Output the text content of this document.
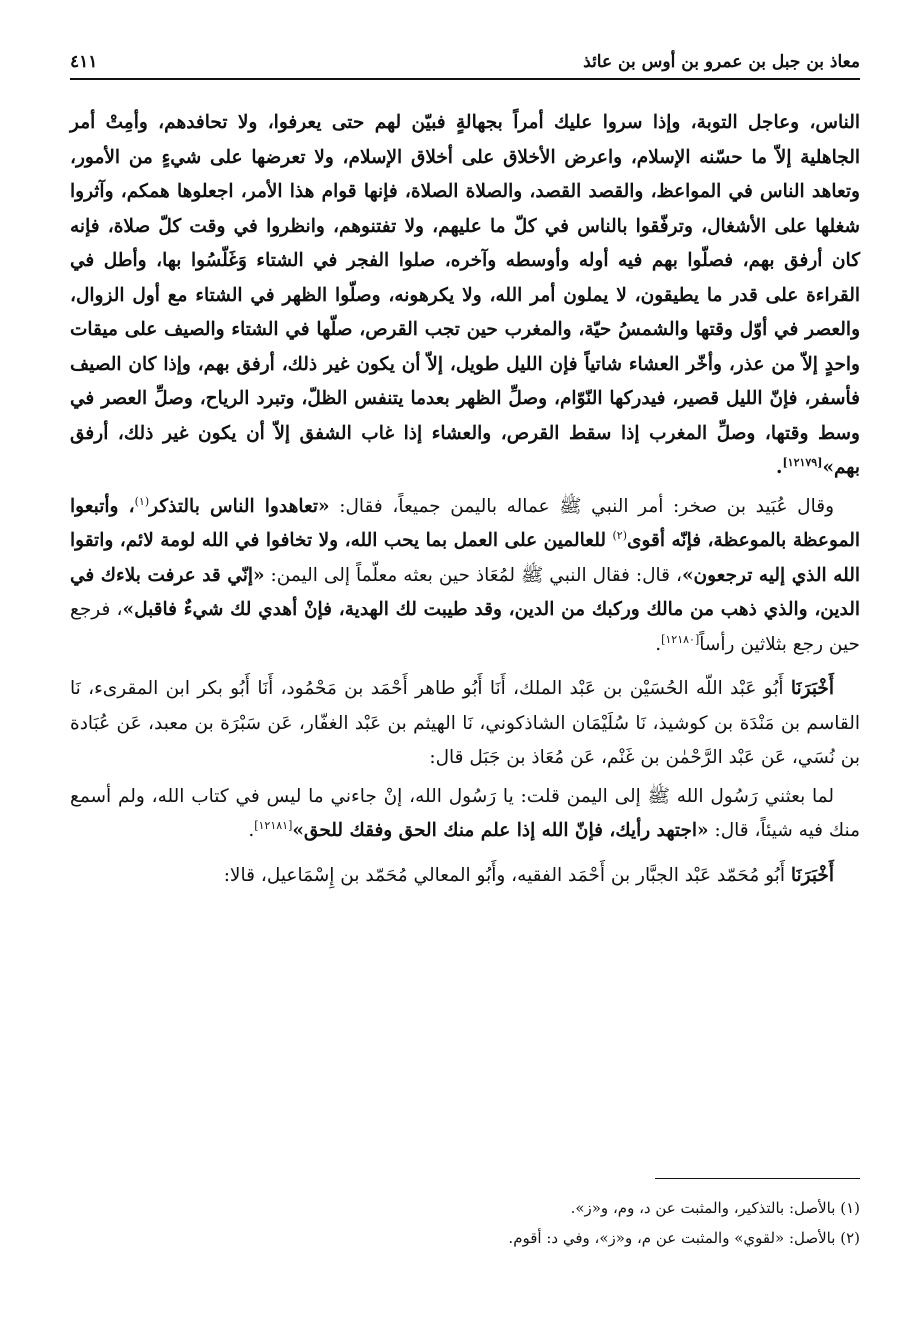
معاذ بن جبل بن عمرو بن أوس بن عائذ
٤١١

الناس، وعاجل التوبة، وإذا سروا عليك أمراً بجهالةٍ فبيّن لهم حتى يعرفوا، ولا تحافدهم، وأمِتْ أمر الجاهلية إلاّ ما حسّنه الإسلام، واعرض الأخلاق على أخلاق الإسلام، ولا تعرضها على شيءٍ من الأمور، وتعاهد الناس في المواعظ، والقصد القصد، والصلاة الصلاة، فإنها قوام هذا الأمر، اجعلوها همكم، وآثروا شغلها على الأشغال، وترفّقوا بالناس في كلّ ما عليهم، ولا تفتنوهم، وانظروا في وقت كلّ صلاة، فإنه كان أرفق بهم، فصلّوا بهم فيه أوله وأوسطه وآخره، صلوا الفجر في الشتاء وَغَلّسُوا بها، وأطل في القراءة على قدر ما يطيقون، لا يملون أمر الله، ولا يكرهونه، وصلّوا الظهر في الشتاء مع أول الزوال، والعصر في أوّل وقتها والشمسُ حيّة، والمغرب حين تجب القرص، صلّها في الشتاء والصيف على ميقات واحدٍ إلاّ من عذر، وأخّر العشاء شاتياً فإن الليل طويل، إلاّ أن يكون غير ذلك، أرفق بهم، وإذا كان الصيف فأسفر، فإنّ الليل قصير، فيدركها النّوّام، وصلِّ الظهر بعدما يتنفس الظلّ، وتبرد الرياح، وصلِّ العصر في وسط وقتها، وصلِّ المغرب إذا سقط القرص، والعشاء إذا غاب الشفق إلاّ أن يكون غير ذلك، أرفق بهم»[١٢١٧٩].

وقال عُبَيد بن صخر: أمر النبي ﷺ عماله باليمن جميعاً، فقال: «تعاهدوا الناس بالتذكر$^{(١)}$، وأتبعوا الموعظة بالموعظة، فإنّه أقوى$^{(٢)}$ للعالمين على العمل بما يحب الله، ولا تخافوا في الله لومة لائم، واتقوا الله الذي إليه ترجعون»، قال: فقال النبي ﷺ لمُعَاذ حين بعثه معلّماً إلى اليمن: «إنّي قد عرفت بلاءك في الدين، والذي ذهب من مالك وركبك من الدين، وقد طيبت لك الهدية، فإنْ أهدي لك شيءٌ فاقبل»، فرجع حين رجع بثلاثين رأساً[١٢١٨٠].

أَخْبَرَنَا أَبُو عَبْد اللّه الحُسَيْن بن عَبْد الملك، أَنَا أَبُو طاهر أَحْمَد بن مَحْمُود، أَنَا أَبُو بكر ابن المقرىء، نَا القاسم بن مَنْدَة بن كوشيذ، نَا سُلَيْمَان الشاذكوني، نَا الهيثم بن عَبْد الغفّار، عَن سَبْرَة بن معبد، عَن عُبَادة بن نُسَي، عَن عَبْد الرَّحْمٰن بن غَنْم، عَن مُعَاذ بن جَبَل قال:

لما بعثني رَسُول الله ﷺ إلى اليمن قلت: يا رَسُول الله، إنْ جاءني ما ليس في كتاب الله، ولم أسمع منك فيه شيئاً، قال: «اجتهد رأيك، فإنّ الله إذا علم منك الحق وفقك للحق»[١٢١٨١].

أَخْبَرَنَا أَبُو مُحَمّد عَبْد الجبَّار بن أَحْمَد الفقيه، وأَبُو المعالي مُحَمّد بن إِسْمَاعيل، قالا:

(١) بالأصل: بالتذكير، والمثبت عن د، وم، و«ز».
(٢) بالأصل: «لقوي» والمثبت عن م، و«ز»، وفي د: أقوم.
